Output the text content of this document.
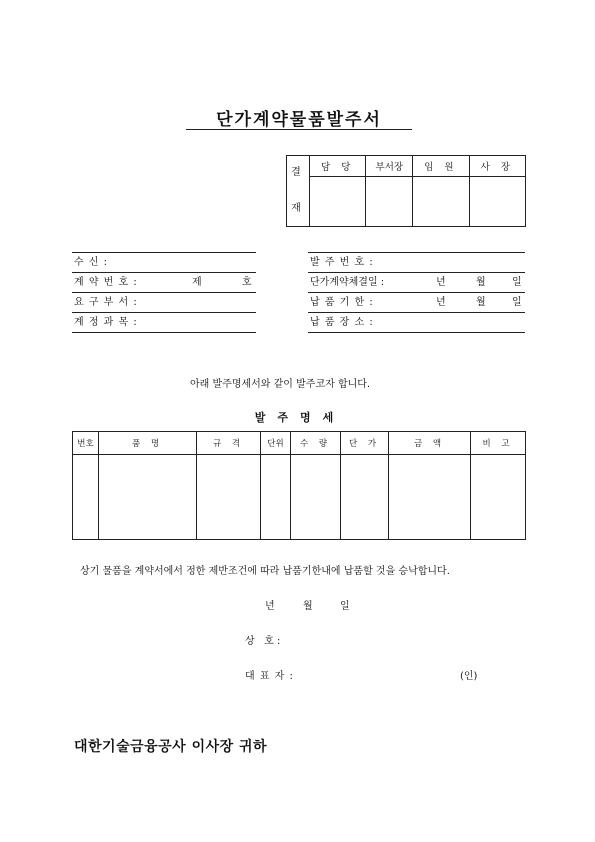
단가계약물품발주서
결
재	담 당	부서장	임 원	사 장

수 신 :
계 약 번 호 :	제	호
요 구 부 서 :
계 정 과 목 :
발 주 번 호 :
단가계약체결일 :	년	월	일
납 품 기 한 :	년	월	일
납 품 장 소 :
아래 발주명세서와 같이 발주코자 합니다.
발주명세
번호	품 명	규 격	단위	수 량	단 가	금 액	비 고

상기 물품을 계약서에서 정한 제반조건에 따라 납품기한내에 납품할 것을 승낙합니다.
년	월	일
상   호 :
대 표 자 :	(인)
대한기술금융공사 이사장 귀하
